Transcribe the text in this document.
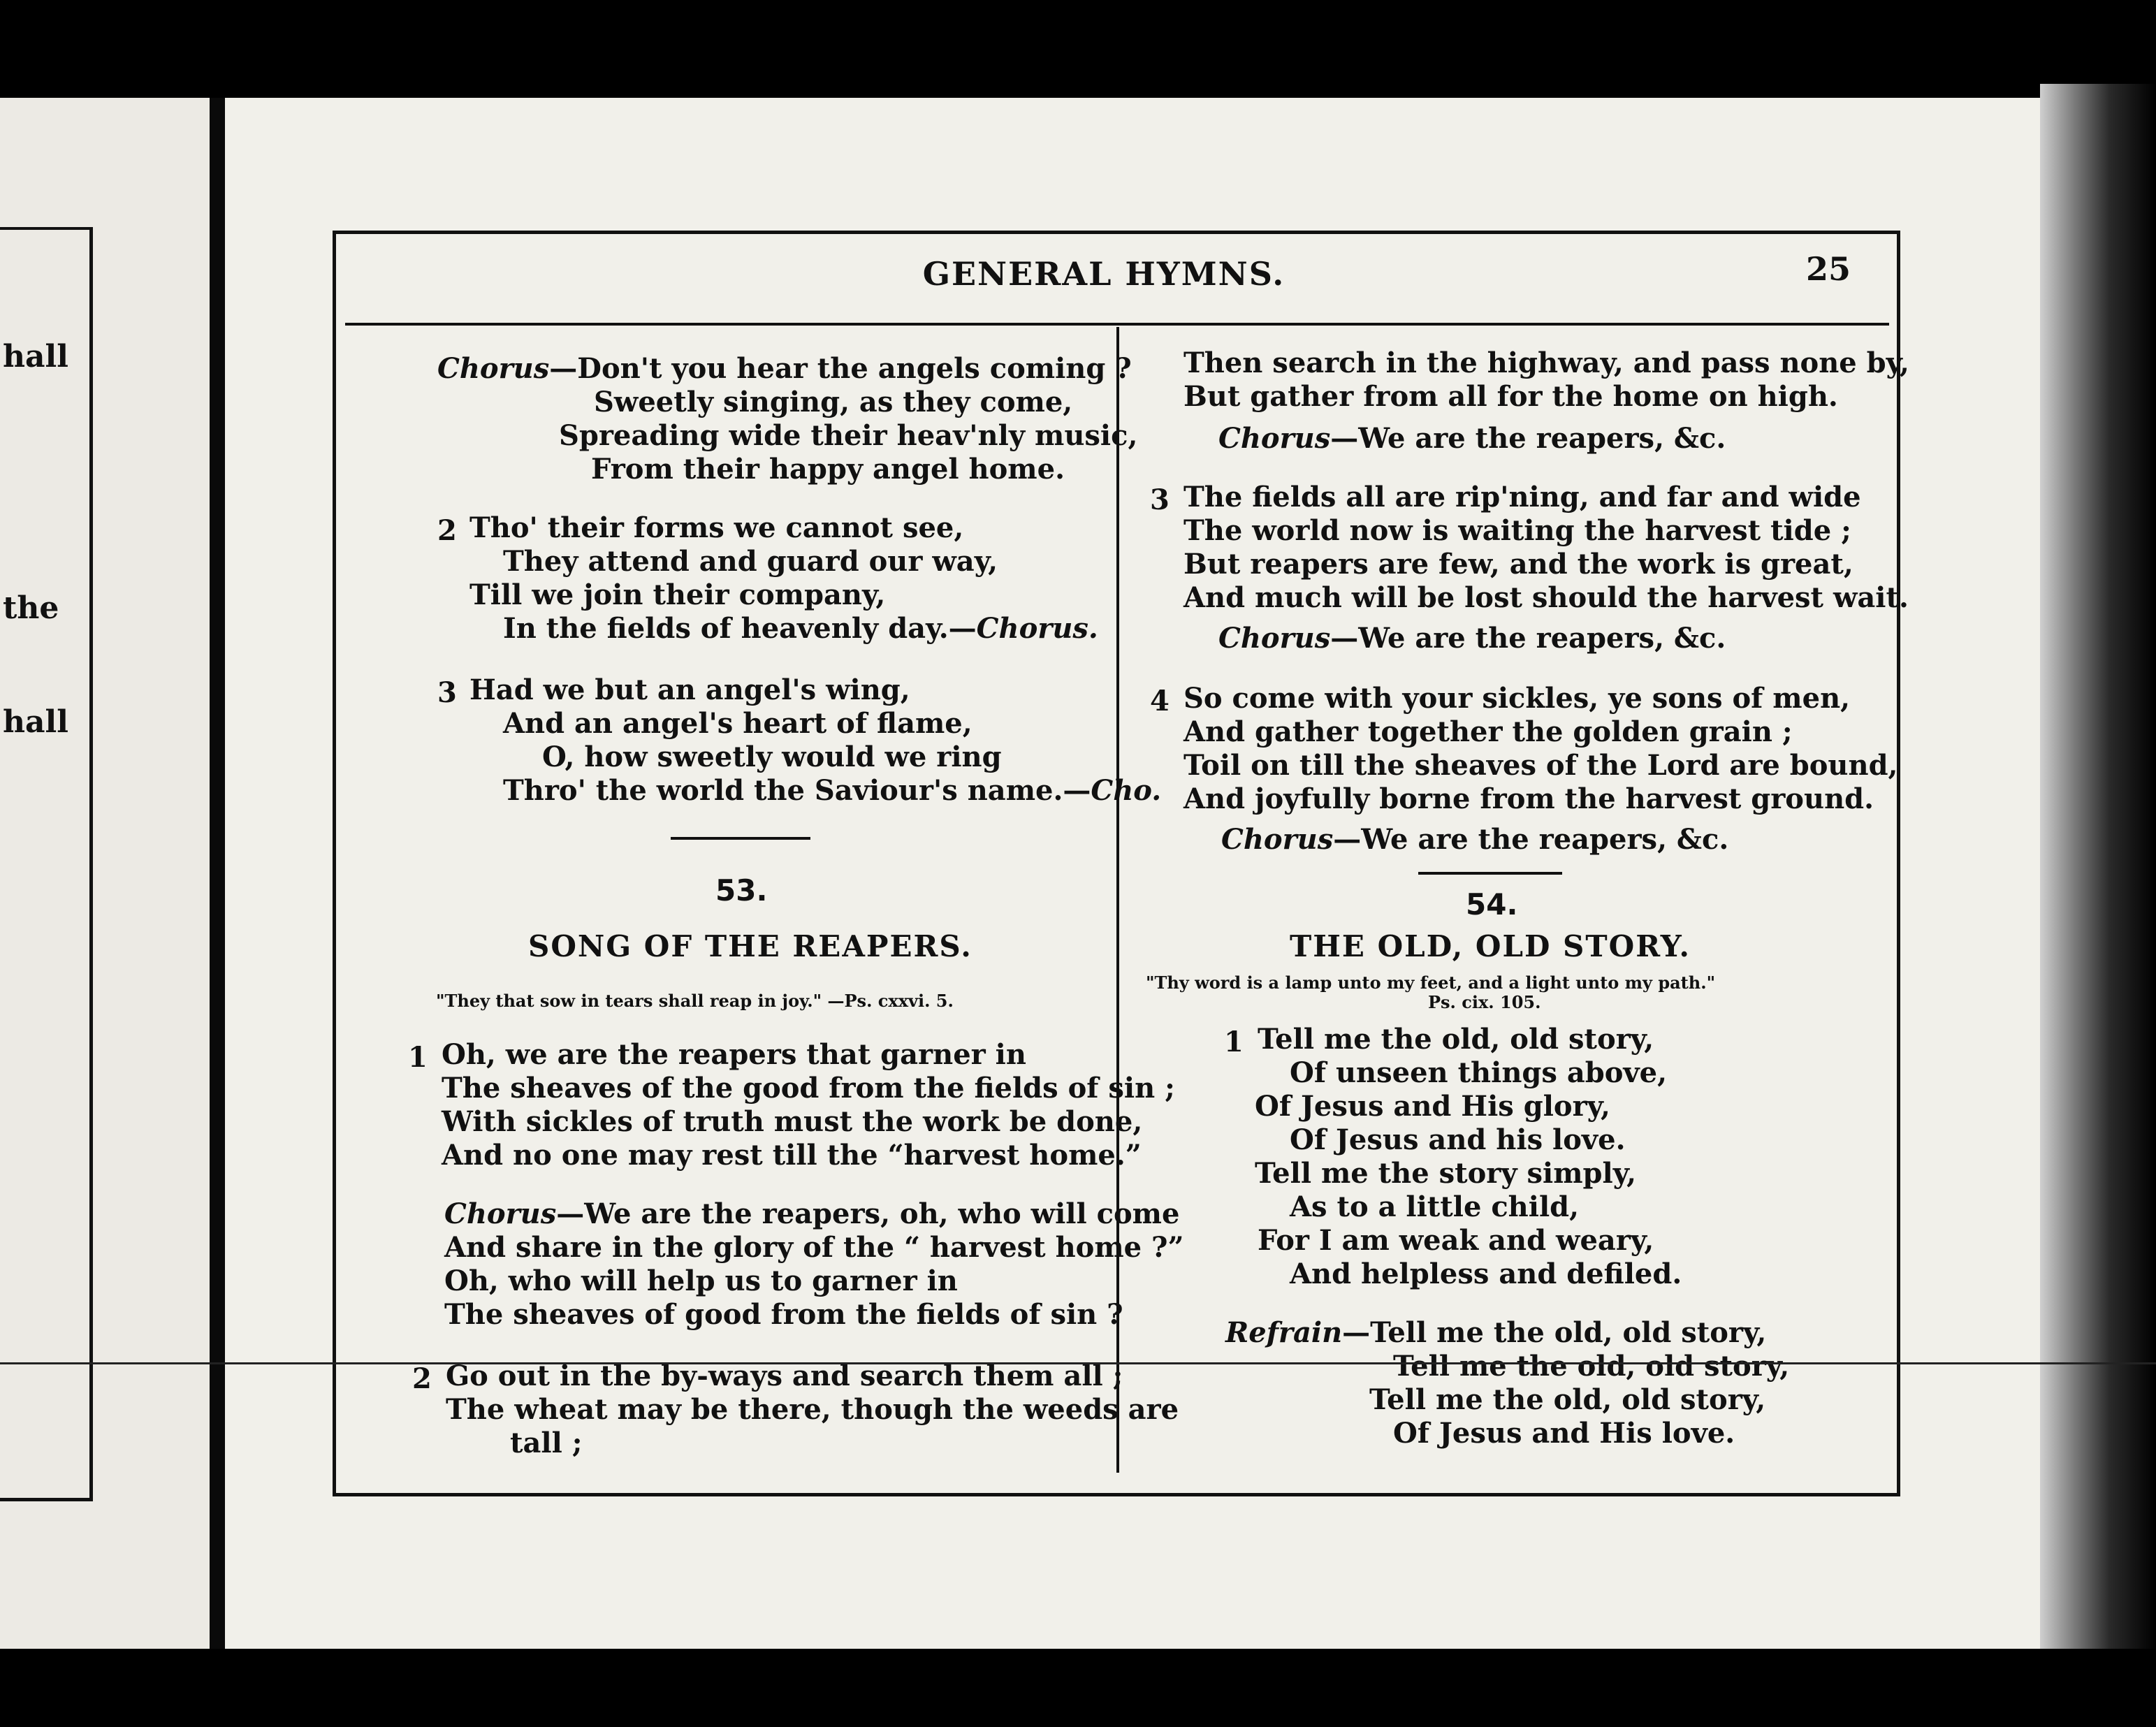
hall
the
hall
GENERAL HYMNS.	25
Chorus—Don't you hear the angels coming ?
Sweetly singing, as they come,
Spreading wide their heav'nly music,
From their happy angel home.
2 Tho' their forms we cannot see,
They attend and guard our way,
Till we join their company,
In the fields of heavenly day.—Chorus.
3 Had we but an angel's wing,
And an angel's heart of flame,
O, how sweetly would we ring
Thro' the world the Saviour's name.—Cho.
53.
SONG OF THE REAPERS.
"They that sow in tears shall reap in joy." —Ps. cxxvi. 5.
1 Oh, we are the reapers that garner in
The sheaves of the good from the fields of sin ;
With sickles of truth must the work be done,
And no one may rest till the “harvest home.”
Chorus—We are the reapers, oh, who will come
And share in the glory of the “ harvest home ?”
Oh, who will help us to garner in
The sheaves of good from the fields of sin ?
2 Go out in the by-ways and search them all ;
The wheat may be there, though the weeds are
tall ;
Then search in the highway, and pass none by,
But gather from all for the home on high.
Chorus—We are the reapers, &c.
3 The fields all are rip'ning, and far and wide
The world now is waiting the harvest tide ;
But reapers are few, and the work is great,
And much will be lost should the harvest wait.
Chorus—We are the reapers, &c.
4 So come with your sickles, ye sons of men,
And gather together the golden grain ;
Toil on till the sheaves of the Lord are bound,
And joyfully borne from the harvest ground.
Chorus—We are the reapers, &c.
54.
THE OLD, OLD STORY.
"Thy word is a lamp unto my feet, and a light unto my path."
Ps. cix. 105.
1 Tell me the old, old story,
Of unseen things above,
Of Jesus and His glory,
Of Jesus and his love.
Tell me the story simply,
As to a little child,
For I am weak and weary,
And helpless and defiled.
Refrain—Tell me the old, old story,
Tell me the old, old story,
Tell me the old, old story,
Of Jesus and His love.
